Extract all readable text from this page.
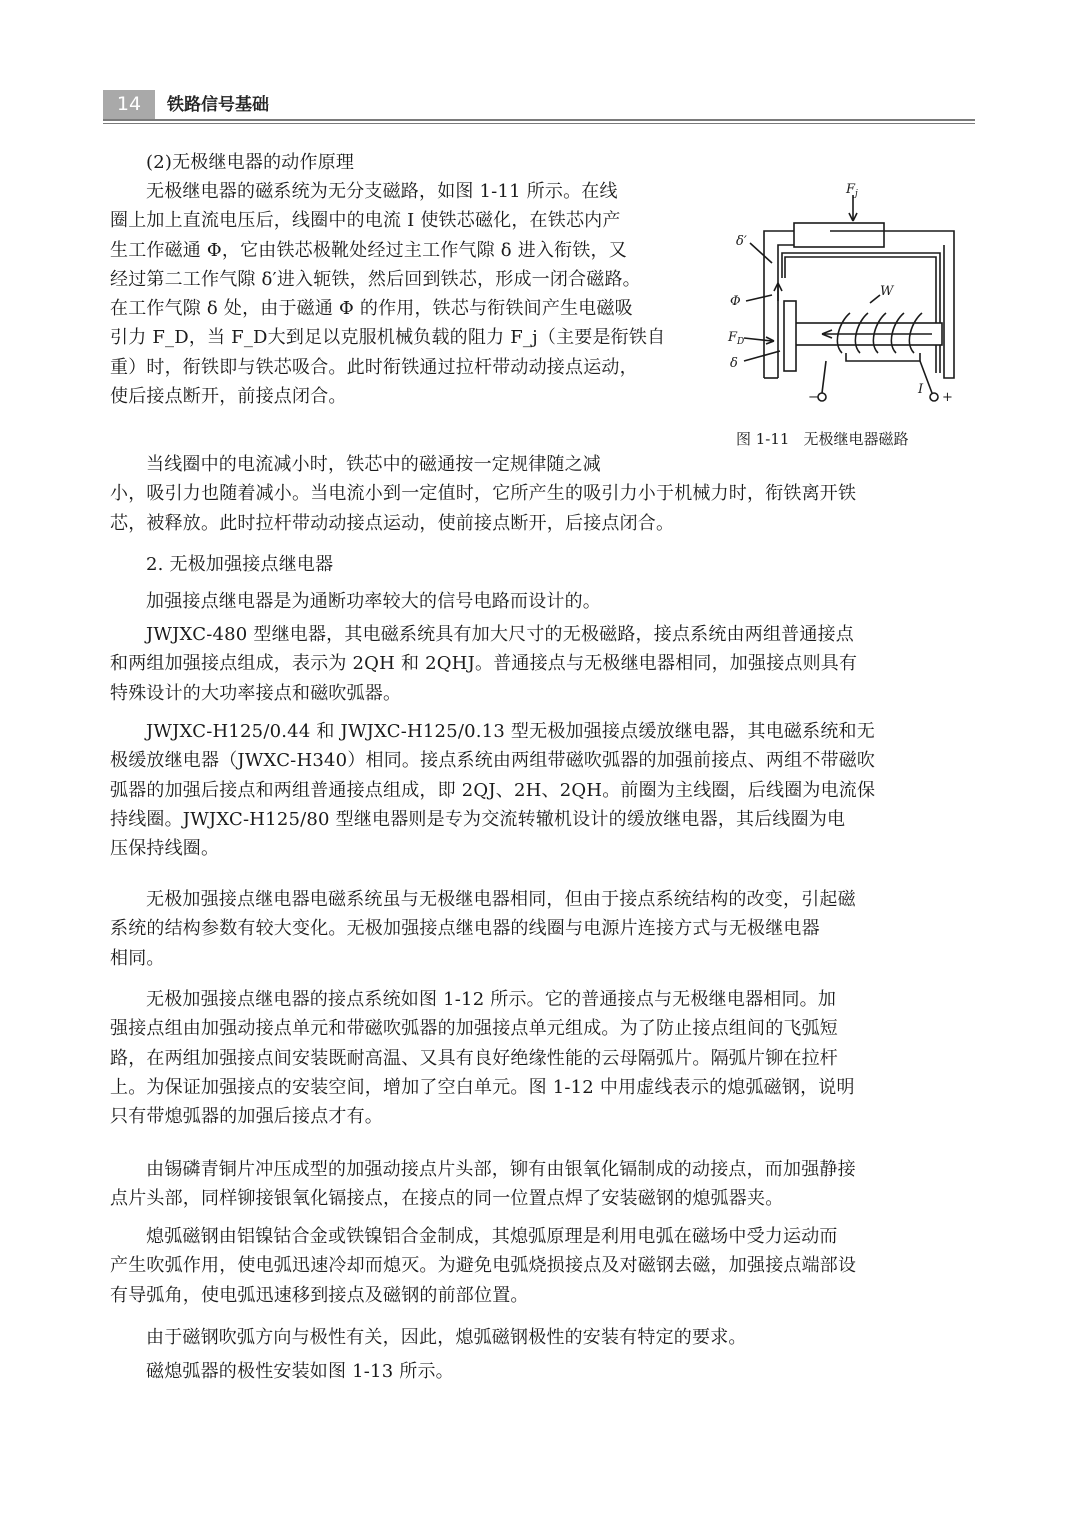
14	铁路信号基础
(2)无极继电器的动作原理
无极继电器的磁系统为无分支磁路，如图 1-11 所示。在线
圈上加上直流电压后，线圈中的电流 I 使铁芯磁化，在铁芯内产
生工作磁通 Φ，它由铁芯极靴处经过主工作气隙 δ 进入衔铁，又
经过第二工作气隙 δ′进入轭铁，然后回到铁芯，形成一闭合磁路。
在工作气隙 δ 处，由于磁通 Φ 的作用，铁芯与衔铁间产生电磁吸
引力 F_D，当 F_D大到足以克服机械负载的阻力 F_j（主要是衔铁自
重）时，衔铁即与铁芯吸合。此时衔铁通过拉杆带动动接点运动，
使后接点断开，前接点闭合。
当线圈中的电流减小时，铁芯中的磁通按一定规律随之减
小，吸引力也随着减小。当电流小到一定值时，它所产生的吸引力小于机械力时，衔铁离开铁
芯，被释放。此时拉杆带动动接点运动，使前接点断开，后接点闭合。
2. 无极加强接点继电器
加强接点继电器是为通断功率较大的信号电路而设计的。
JWJXC-480 型继电器，其电磁系统具有加大尺寸的无极磁路，接点系统由两组普通接点
和两组加强接点组成，表示为 2QH 和 2QHJ。普通接点与无极继电器相同，加强接点则具有
特殊设计的大功率接点和磁吹弧器。
JWJXC-H125/0.44 和 JWJXC-H125/0.13 型无极加强接点缓放继电器，其电磁系统和无
极缓放继电器（JWXC-H340）相同。接点系统由两组带磁吹弧器的加强前接点、两组不带磁吹
弧器的加强后接点和两组普通接点组成，即 2QJ、2H、2QH。前圈为主线圈，后线圈为电流保
持线圈。JWJXC-H125/80 型继电器则是专为交流转辙机设计的缓放继电器，其后线圈为电
压保持线圈。
无极加强接点继电器电磁系统虽与无极继电器相同，但由于接点系统结构的改变，引起磁
系统的结构参数有较大变化。无极加强接点继电器的线圈与电源片连接方式与无极继电器
相同。
无极加强接点继电器的接点系统如图 1-12 所示。它的普通接点与无极继电器相同。加
强接点组由加强动接点单元和带磁吹弧器的加强接点单元组成。为了防止接点组间的飞弧短
路，在两组加强接点间安装既耐高温、又具有良好绝缘性能的云母隔弧片。隔弧片铆在拉杆
上。为保证加强接点的安装空间，增加了空白单元。图 1-12 中用虚线表示的熄弧磁钢，说明
只有带熄弧器的加强后接点才有。
由锡磷青铜片冲压成型的加强动接点片头部，铆有由银氧化镉制成的动接点，而加强静接
点片头部，同样铆接银氧化镉接点，在接点的同一位置点焊了安装磁钢的熄弧器夹。
熄弧磁钢由铝镍钴合金或铁镍铝合金制成，其熄弧原理是利用电弧在磁场中受力运动而
产生吹弧作用，使电弧迅速冷却而熄灭。为避免电弧烧损接点及对磁钢去磁，加强接点端部设
有导弧角，使电弧迅速移到接点及磁钢的前部位置。
由于磁钢吹弧方向与极性有关，因此，熄弧磁钢极性的安装有特定的要求。
磁熄弧器的极性安装如图 1-13 所示。
$F_j$
δ′
Φ
W
$F_D$
δ
I
−	+
图 1-11 无极继电器磁路
